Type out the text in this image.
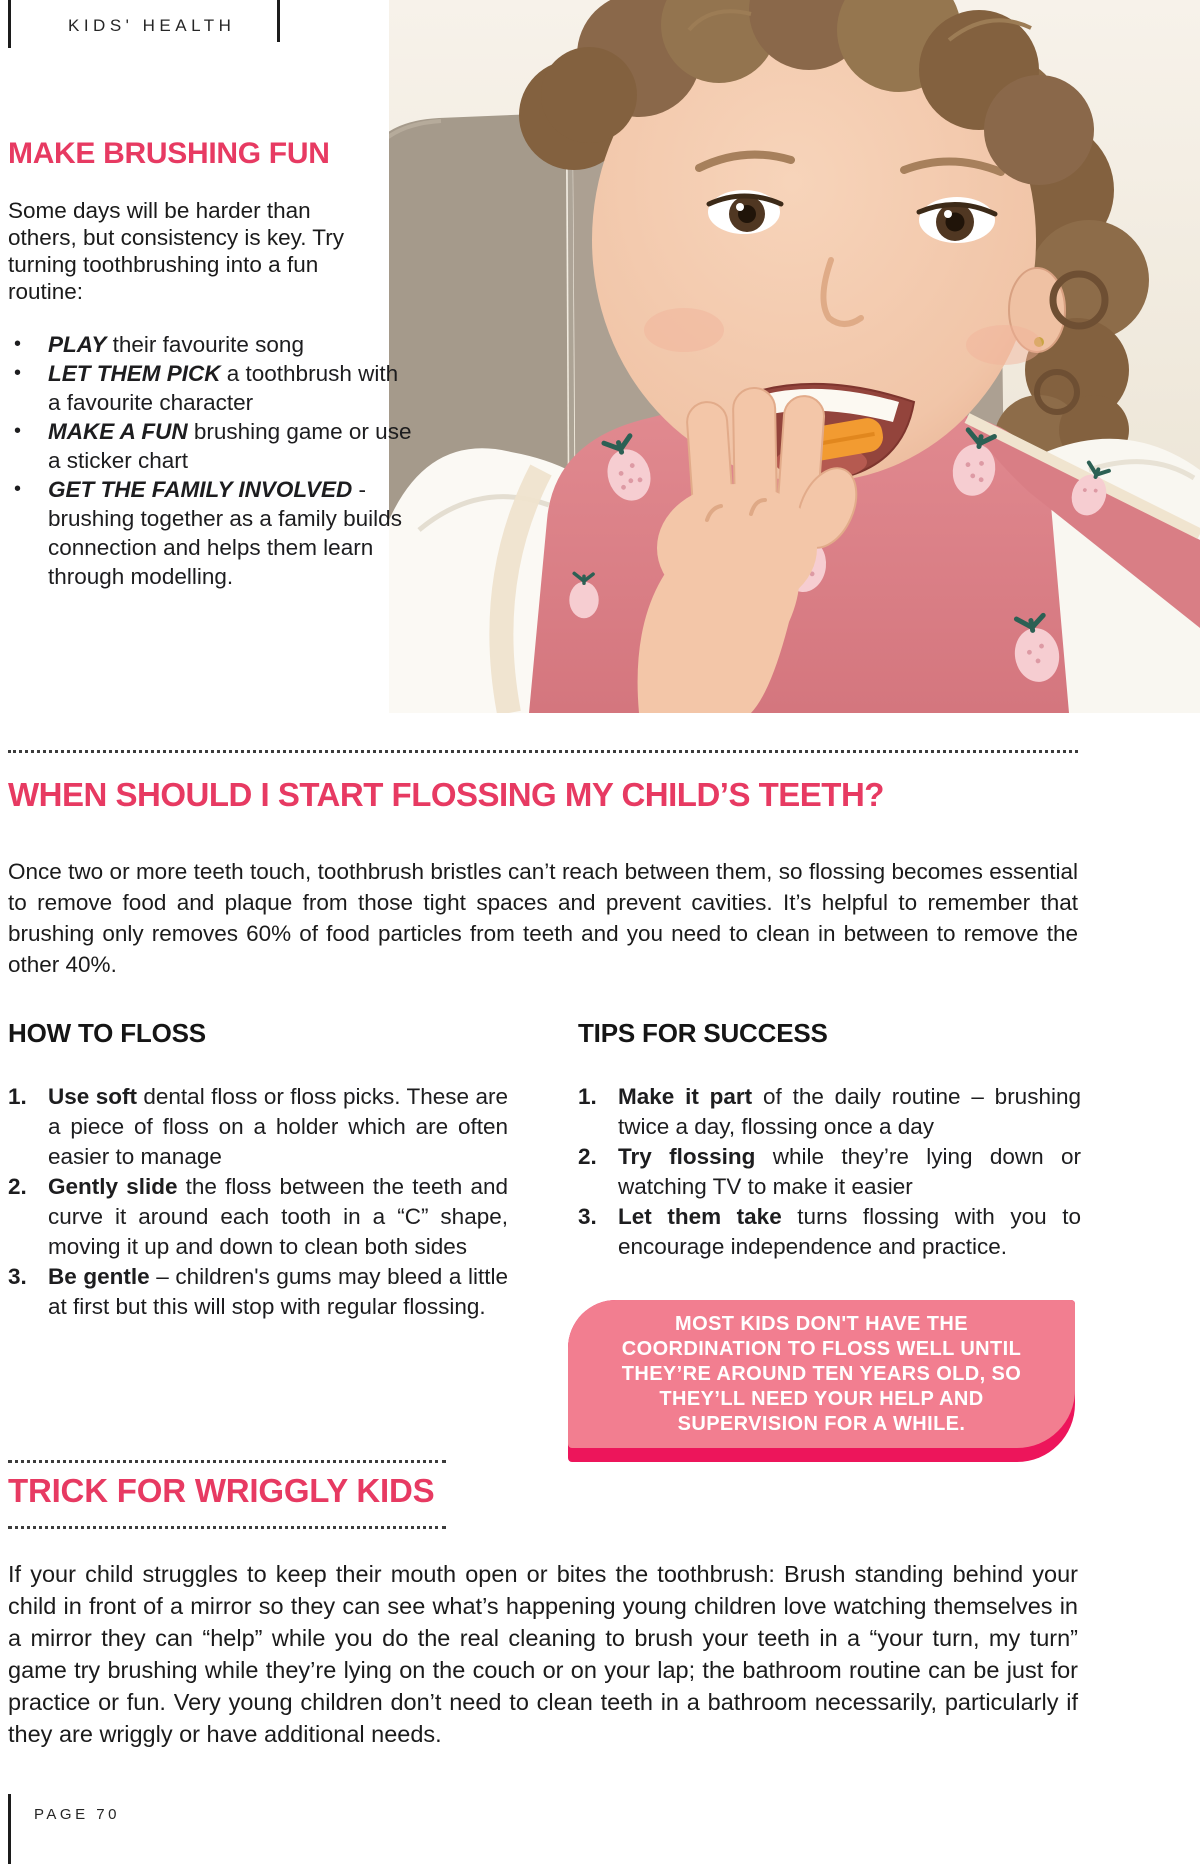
KIDS' HEALTH
MAKE BRUSHING FUN

Some days will be harder than others, but consistency is key. Try turning toothbrushing into a fun routine:

• PLAY their favourite song
• LET THEM PICK a toothbrush with a favourite character
• MAKE A FUN brushing game or use a sticker chart
• GET THE FAMILY INVOLVED - brushing together as a family builds connection and helps them learn through modelling.
WHEN SHOULD I START FLOSSING MY CHILD’S TEETH?

Once two or more teeth touch, toothbrush bristles can’t reach between them, so flossing becomes essential to remove food and plaque from those tight spaces and prevent cavities. It’s helpful to remember that brushing only removes 60% of food particles from teeth and you need to clean in between to remove the other 40%.

HOW TO FLOSS	TIPS FOR SUCCESS
Use soft dental floss or floss picks. These are a piece of floss on a holder which are often easier to manage
Gently slide the floss between the teeth and curve it around each tooth in a “C” shape, moving it up and down to clean both sides
Be gentle – children's gums may bleed a little at first but this will stop with regular flossing.
Make it part of the daily routine – brushing twice a day, flossing once a day
Try flossing while they’re lying down or watching TV to make it easier
Let them take turns flossing with you to encourage independence and practice.

MOST KIDS DON'T HAVE THE COORDINATION TO FLOSS WELL UNTIL THEY’RE AROUND TEN YEARS OLD, SO THEY’LL NEED YOUR HELP AND SUPERVISION FOR A WHILE.

TRICK FOR WRIGGLY KIDS

If your child struggles to keep their mouth open or bites the toothbrush: Brush standing behind your child in front of a mirror so they can see what’s happening young children love watching themselves in a mirror they can “help” while you do the real cleaning to brush your teeth in a “your turn, my turn” game try brushing while they’re lying on the couch or on your lap; the bathroom routine can be just for practice or fun. Very young children don’t need to clean teeth in a bathroom necessarily, particularly if they are wriggly or have additional needs.

PAGE 70
